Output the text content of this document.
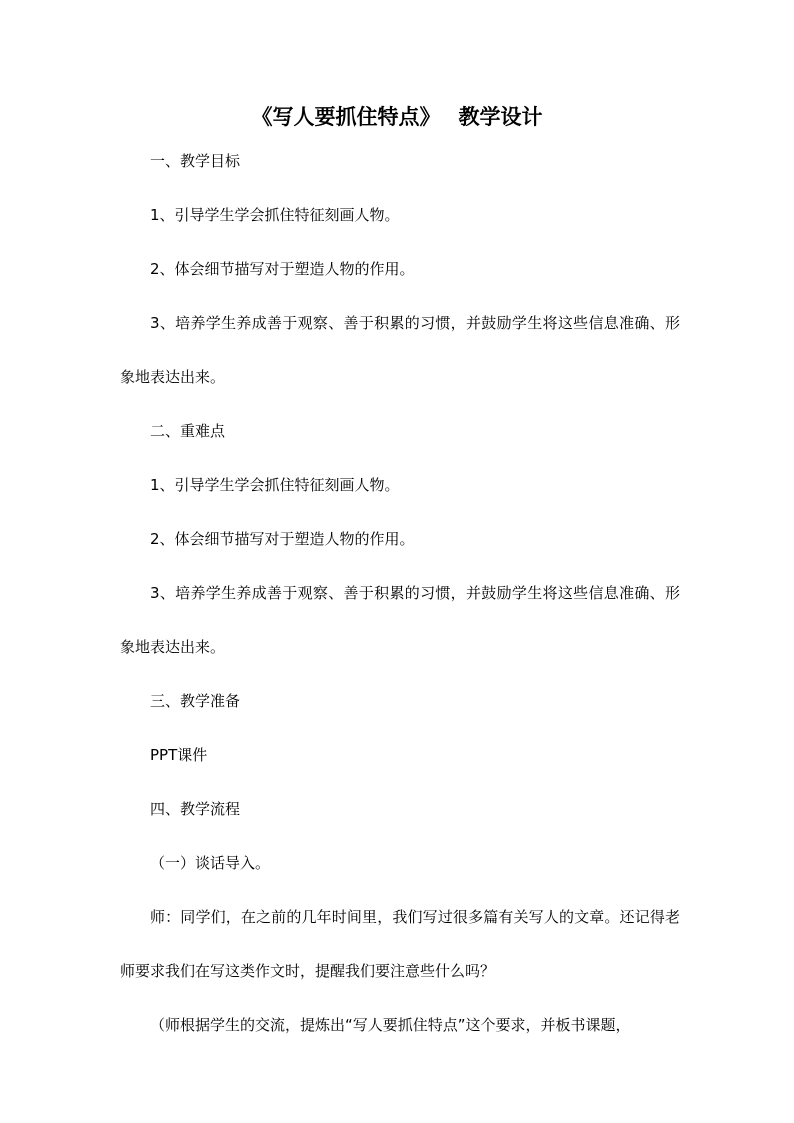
《写人要抓住特点》 教学设计

一、教学目标

1、引导学生学会抓住特征刻画人物。

2、体会细节描写对于塑造人物的作用。

3、培养学生养成善于观察、善于积累的习惯，并鼓励学生将这些信息准确、形象地表达出来。

二、重难点

1、引导学生学会抓住特征刻画人物。

2、体会细节描写对于塑造人物的作用。

3、培养学生养成善于观察、善于积累的习惯，并鼓励学生将这些信息准确、形象地表达出来。

三、教学准备

PPT课件

四、教学流程

（一）谈话导入。

师：同学们，在之前的几年时间里，我们写过很多篇有关写人的文章。还记得老师要求我们在写这类作文时，提醒我们要注意些什么吗？

（师根据学生的交流，提炼出“写人要抓住特点”这个要求，并板书课题，
